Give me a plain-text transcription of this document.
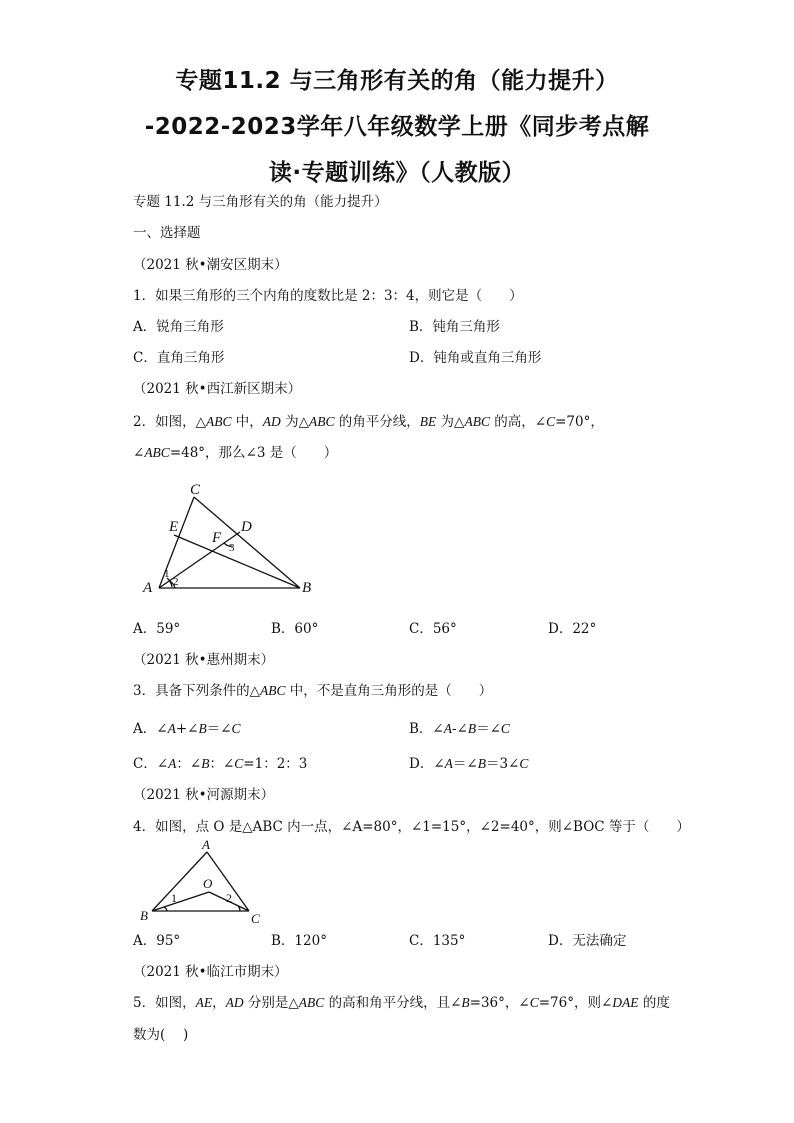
专题11.2 与三角形有关的角（能力提升）
-2022-2023学年八年级数学上册《同步考点解
读·专题训练》（人教版）
专题 11.2 与三角形有关的角（能力提升）
一、选择题
（2021 秋•潮安区期末）
1．如果三角形的三个内角的度数比是 2：3：4，则它是（　　）
A．锐角三角形	B．钝角三角形
C．直角三角形	D．钝角或直角三角形
（2021 秋•西江新区期末）
2．如图，△ABC 中，AD 为△ABC 的角平分线，BE 为△ABC 的高，∠C=70°，
∠ABC=48°，那么∠3 是（　　）
C
E	D
F
A	B
1
2
3
A．59°	B．60°	C．56°	D．22°
（2021 秋•惠州期末）
3．具备下列条件的△ABC 中，不是直角三角形的是（　　）
A．∠A+∠B＝∠C	B．∠A-∠B＝∠C
C．∠A：∠B：∠C=1：2：3	D．∠A＝∠B＝3∠C
（2021 秋•河源期末）
4．如图，点 O 是△ABC 内一点，∠A=80°，∠1=15°，∠2=40°，则∠BOC 等于（　　）
A
B	C
O
1	2
A．95°	B．120°	C．135°	D．无法确定
（2021 秋•临江市期末）
5．如图，AE，AD 分别是△ABC 的高和角平分线，且∠B=36°，∠C=76°，则∠DAE 的度
数为(　 )
